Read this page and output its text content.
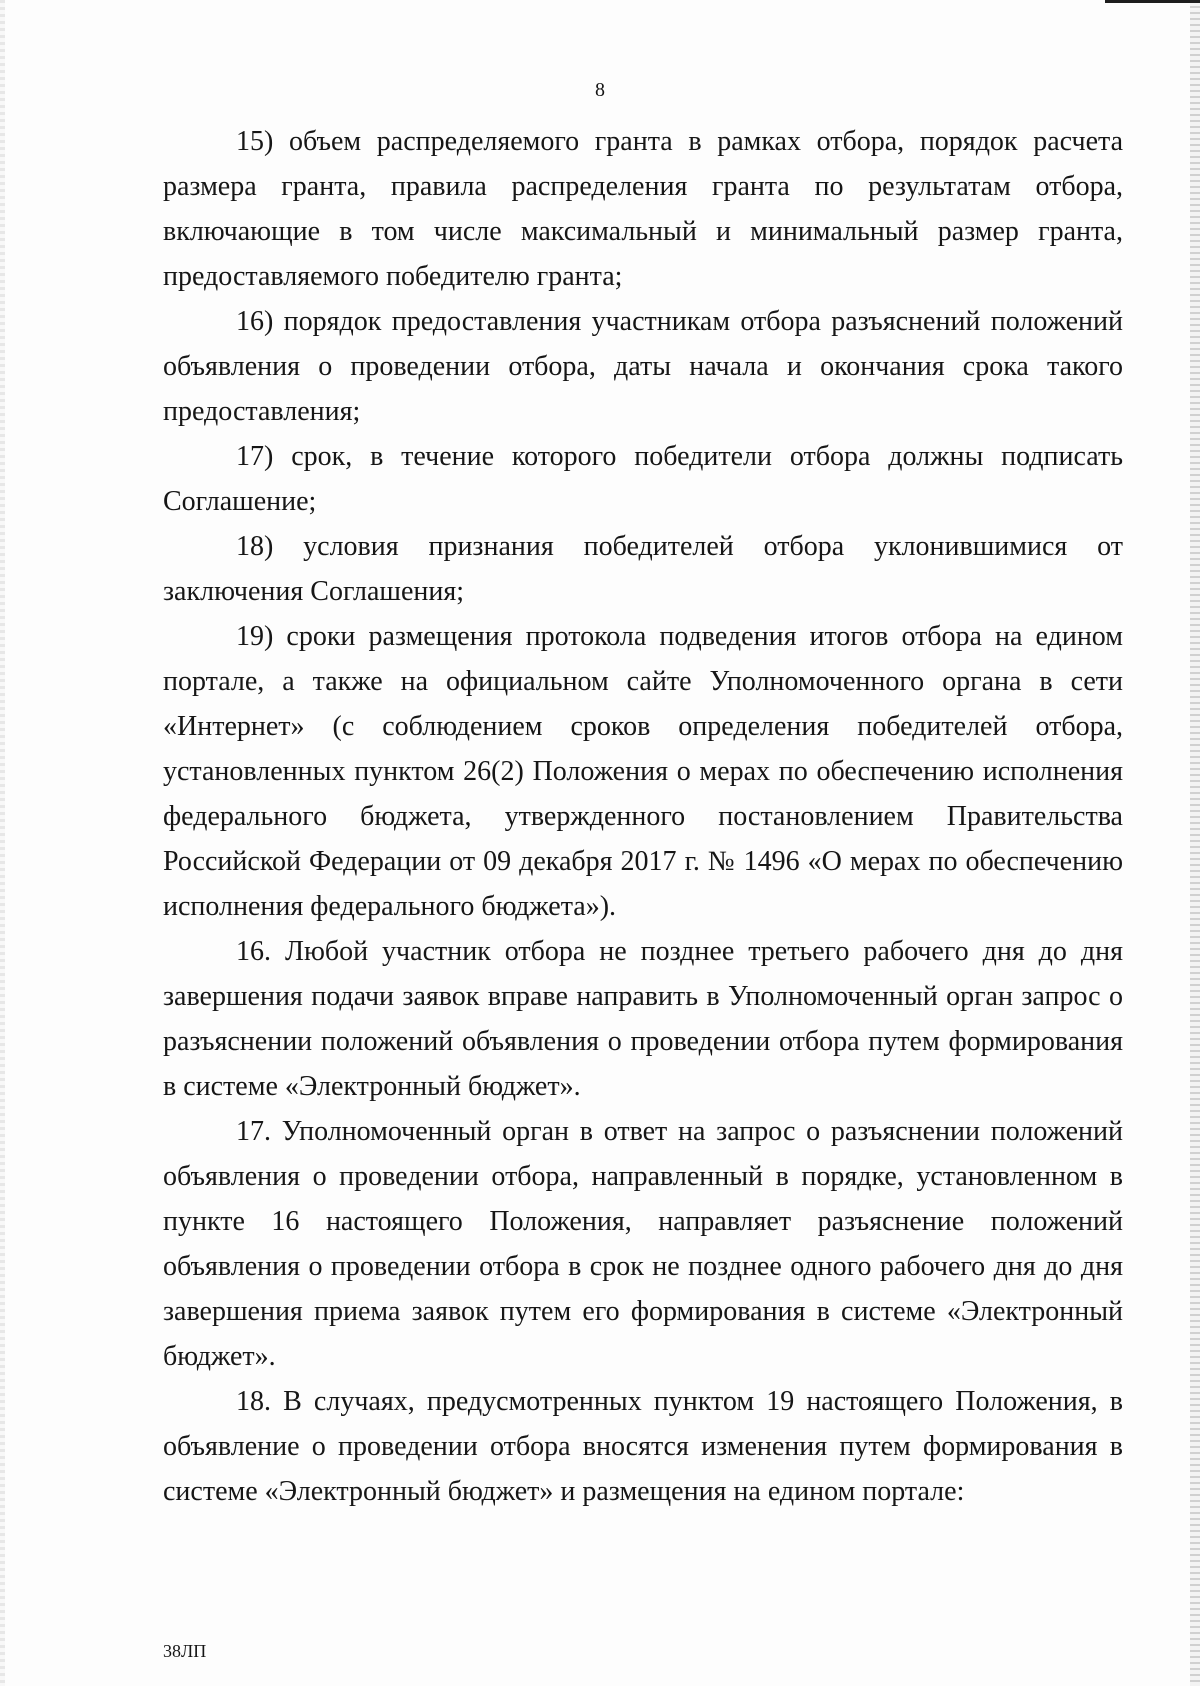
8

15) объем распределяемого гранта в рамках отбора, порядок расчета размера гранта, правила распределения гранта по результатам отбора, включающие в том числе максимальный и минимальный размер гранта, предоставляемого победителю гранта;

16) порядок предоставления участникам отбора разъяснений положений объявления о проведении отбора, даты начала и окончания срока такого предоставления;

17) срок, в течение которого победители отбора должны подписать Соглашение;

18) условия признания победителей отбора уклонившимися от заключения Соглашения;

19) сроки размещения протокола подведения итогов отбора на едином портале, а также на официальном сайте Уполномоченного органа в сети «Интернет» (с соблюдением сроков определения победителей отбора, установленных пунктом 26(2) Положения о мерах по обеспечению исполнения федерального бюджета, утвержденного постановлением Правительства Российской Федерации от 09 декабря 2017 г. № 1496 «О мерах по обеспечению исполнения федерального бюджета»).

16. Любой участник отбора не позднее третьего рабочего дня до дня завершения подачи заявок вправе направить в Уполномоченный орган запрос о разъяснении положений объявления о проведении отбора путем формирования в системе «Электронный бюджет».

17. Уполномоченный орган в ответ на запрос о разъяснении положений объявления о проведении отбора, направленный в порядке, установленном в пункте 16 настоящего Положения, направляет разъяснение положений объявления о проведении отбора в срок не позднее одного рабочего дня до дня завершения приема заявок путем его формирования в системе «Электронный бюджет».

18. В случаях, предусмотренных пунктом 19 настоящего Положения, в объявление о проведении отбора вносятся изменения путем формирования в системе «Электронный бюджет» и размещения на едином портале:

38ЛП
